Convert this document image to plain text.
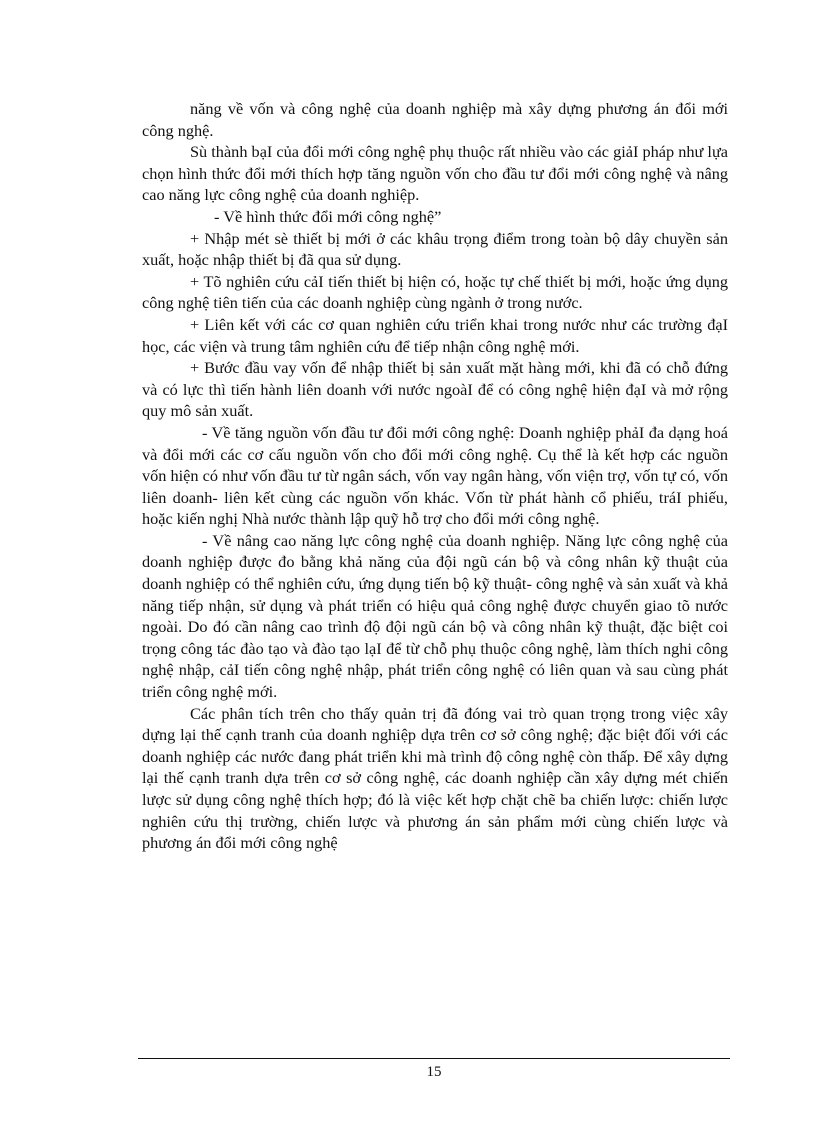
năng về vốn và công nghệ của doanh nghiệp mà xây dựng phương án đổi mới công nghệ.

Sù thành bạI của đổi mới công nghệ phụ thuộc rất nhiều vào các giảI pháp như lựa chọn hình thức đổi mới thích hợp tăng nguồn vốn cho đầu tư đổi mới công nghệ và nâng cao năng lực công nghệ của doanh nghiệp.

- Về hình thức đổi mới công nghệ”

+ Nhập mét sè thiết bị mới ở các khâu trọng điểm trong toàn bộ dây chuyền sản xuất, hoặc nhập thiết bị đã qua sử dụng.

+ Tõ nghiên cứu cảI tiến thiết bị hiện có, hoặc tự chế thiết bị mới, hoặc ứng dụng công nghệ tiên tiến của các doanh nghiệp cùng ngành ở trong nước.

+ Liên kết với các cơ quan nghiên cứu triển khai trong nước như các trường đạI học, các viện và trung tâm nghiên cứu để tiếp nhận công nghệ mới.

+ Bước đầu vay vốn để nhập thiết bị sản xuất mặt hàng mới, khi đã có chỗ đứng và có lực thì tiến hành liên doanh với nước ngoàI để có công nghệ hiện đạI và mở rộng quy mô sản xuất.

- Về tăng nguồn vốn đầu tư đổi mới công nghệ: Doanh nghiệp phảI đa dạng hoá và đổi mới các cơ cấu nguồn vốn cho đổi mới công nghệ. Cụ thể là kết hợp các nguồn vốn hiện có như vốn đầu tư từ ngân sách, vốn vay ngân hàng, vốn viện trợ, vốn tự có, vốn liên doanh- liên kết cùng các nguồn vốn khác. Vốn từ phát hành cổ phiếu, tráI phiếu, hoặc kiến nghị Nhà nước thành lập quỹ hỗ trợ cho đổi mới công nghệ.

- Về nâng cao năng lực công nghệ của doanh nghiệp. Năng lực công nghệ của doanh nghiệp được đo bằng khả năng của đội ngũ cán bộ và công nhân kỹ thuật của doanh nghiệp có thể nghiên cứu, ứng dụng tiến bộ kỹ thuật- công nghệ và sản xuất và khả năng tiếp nhận, sử dụng và phát triển có hiệu quả công nghệ được chuyển giao tõ nước ngoài. Do đó cần nâng cao trình độ đội ngũ cán bộ và công nhân kỹ thuật, đặc biệt coi trọng công tác đào tạo và đào tạo lạI để từ chỗ phụ thuộc công nghệ, làm thích nghi công nghệ nhập, cảI tiến công nghệ nhập, phát triển công nghệ có liên quan và sau cùng phát triển công nghệ mới.

Các phân tích trên cho thấy quản trị đã đóng vai trò quan trọng trong việc xây dựng lại thế cạnh tranh của doanh nghiệp dựa trên cơ sở công nghệ; đặc biệt đối với các doanh nghiệp các nước đang phát triển khi mà trình độ công nghệ còn thấp. Để xây dựng lại thế cạnh tranh dựa trên cơ sở công nghệ, các doanh nghiệp cần xây dựng mét chiến lược sử dụng công nghệ thích hợp; đó là việc kết hợp chặt chẽ ba chiến lược: chiến lược nghiên cứu thị trường, chiến lược và phương án sản phẩm mới cùng chiến lược và phương án đổi mới công nghệ

15
